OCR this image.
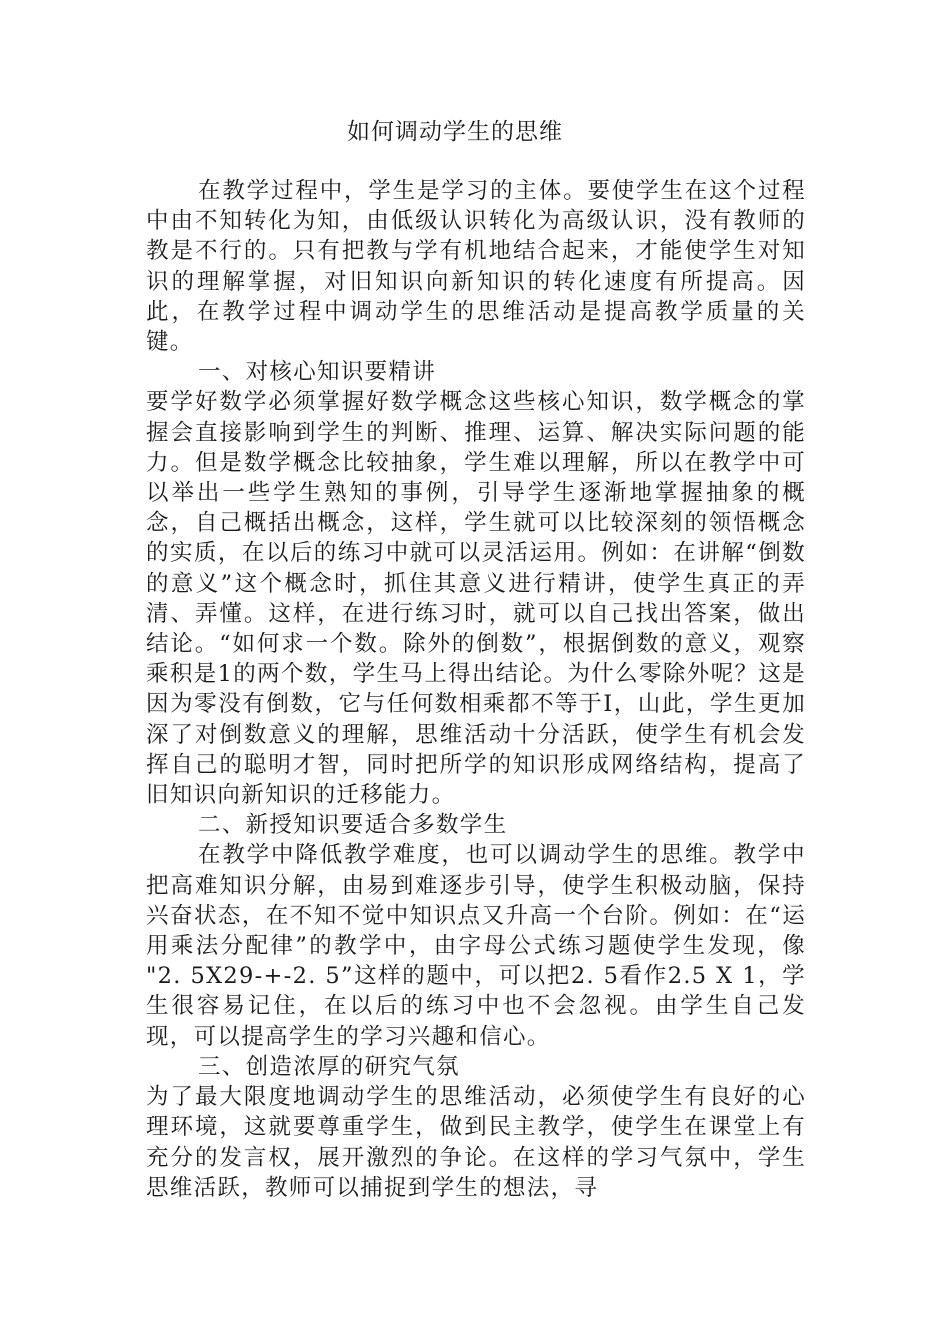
如何调动学生的思维

在教学过程中，学生是学习的主体。要使学生在这个过程中由不知转化为知，由低级认识转化为高级认识，没有教师的教是不行的。只有把教与学有机地结合起来，才能使学生对知识的理解掌握，对旧知识向新知识的转化速度有所提高。因此，在教学过程中调动学生的思维活动是提高教学质量的关键。

一、对核心知识要精讲

要学好数学必须掌握好数学概念这些核心知识，数学概念的掌握会直接影响到学生的判断、推理、运算、解决实际问题的能力。但是数学概念比较抽象，学生难以理解，所以在教学中可以举出一些学生熟知的事例，引导学生逐渐地掌握抽象的概念，自己概括出概念，这样，学生就可以比较深刻的领悟概念的实质，在以后的练习中就可以灵活运用。例如：在讲解“倒数的意义”这个概念时，抓住其意义进行精讲，使学生真正的弄清、弄懂。这样，在进行练习时，就可以自己找出答案，做出结论。“如何求一个数。除外的倒数”，根据倒数的意义，观察乘积是1的两个数，学生马上得出结论。为什么零除外呢？这是因为零没有倒数，它与任何数相乘都不等于I，山此，学生更加深了对倒数意义的理解，思维活动十分活跃，使学生有机会发挥自己的聪明才智，同时把所学的知识形成网络结构，提高了旧知识向新知识的迁移能力。

二、新授知识要适合多数学生

在教学中降低教学难度，也可以调动学生的思维。教学中把高难知识分解，由易到难逐步引导，使学生积极动脑，保持兴奋状态，在不知不觉中知识点又升高一个台阶。例如：在“运用乘法分配律”的教学中，由字母公式练习题使学生发现，像 "2. 5X29-+-2. 5”这样的题中，可以把2. 5看作2.5 X 1，学生很容易记住，在以后的练习中也不会忽视。由学生自己发现，可以提高学生的学习兴趣和信心。

三、创造浓厚的研究气氛

为了最大限度地调动学生的思维活动，必须使学生有良好的心理环境，这就要尊重学生，做到民主教学，使学生在课堂上有充分的发言权，展开激烈的争论。在这样的学习气氛中，学生思维活跃，教师可以捕捉到学生的想法，寻
